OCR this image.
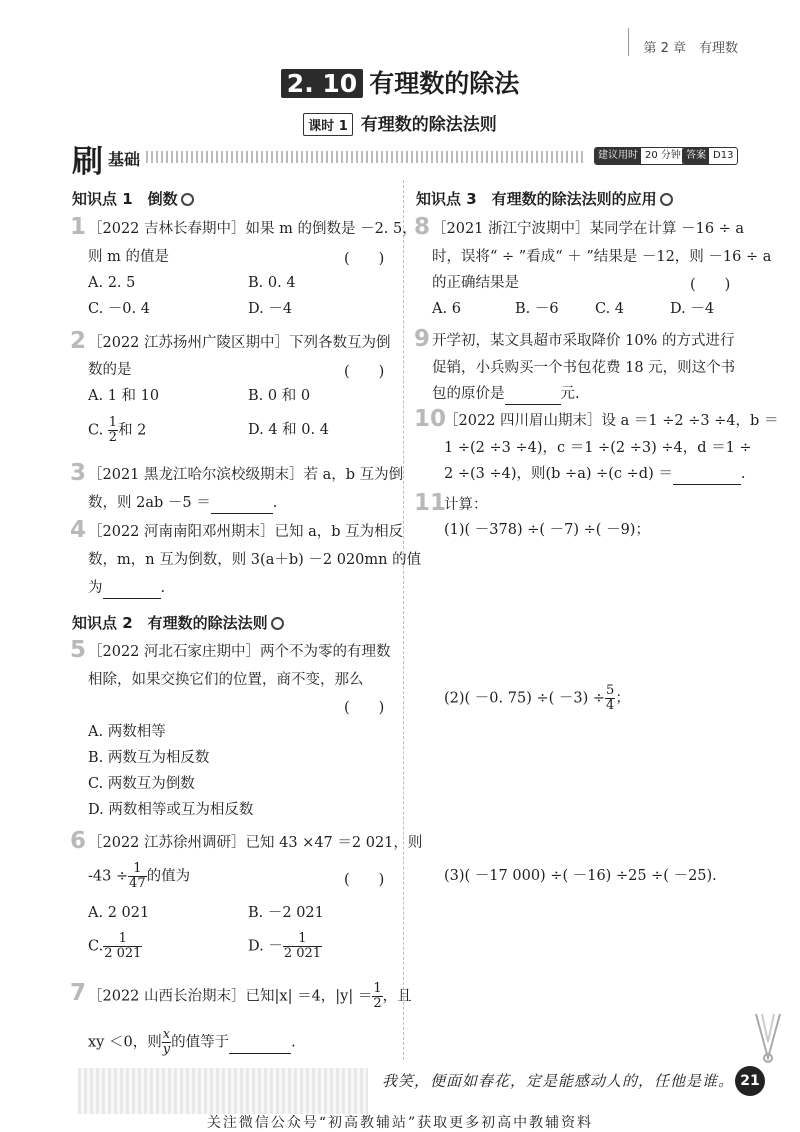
第 2 章　有理数
2. 10 有理数的除法
课时 1 有理数的除法法则
刷 基础	建议用时 20 分钟 答案 D13
知识点 1　倒数
1 ［2022 吉林长春期中］如果 m 的倒数是 －2. 5，
则 m 的值是	(　　)
A. 2. 5	B. 0. 4
C. －0. 4	D. －4
2 ［2022 江苏扬州广陵区期中］下列各数互为倒
数的是	(　　)
A. 1 和 10	B. 0 和 0
C. $\frac{1}{2}$ 和 2	D. 4 和 0. 4
3 ［2021 黑龙江哈尔滨校级期末］若 a，b 互为倒
数，则 2ab －5 ＝	.
4 ［2022 河南南阳邓州期末］已知 a，b 互为相反
数，m，n 互为倒数，则 3(a＋b) －2 020mn 的值
为	.
知识点 2　有理数的除法法则
5 ［2022 河北石家庄期中］两个不为零的有理数
相除，如果交换它们的位置，商不变，那么
(　　)
A. 两数相等
B. 两数互为相反数
C. 两数互为倒数
D. 两数相等或互为相反数
6 ［2022 江苏徐州调研］已知 43 ×47 ＝2 021，则
$-43 \div \frac{1}{47}$ 的值为	(　　)
A. 2 021	B. －2 021
C. $\frac{1}{2 021}$	D. － $\frac{1}{2 021}$
7 ［2022 山西长治期末］已知|x| ＝4，$|y| = \frac{1}{2}$ ，且
xy ＜0，则 $\frac{x}{y}$ 的值等于	.
知识点 3　有理数的除法法则的应用
8 ［2021 浙江宁波期中］某同学在计算 －16 ÷ a
时，误将“ ÷ ”看成“ ＋ ”结果是 －12，则 －16 ÷ a
的正确结果是	(　　)
A. 6	B. －6	C. 4	D. －4
9 开学初，某文具超市采取降价 10% 的方式进行
促销，小兵购买一个书包花费 18 元，则这个书
包的原价是	元.
10
［2022 四川眉山期末］设 a ＝1 ÷2 ÷3 ÷4，b ＝
1 ÷(2 ÷3 ÷4)，c ＝1 ÷(2 ÷3) ÷4，d ＝1 ÷
2 ÷(3 ÷4)，则(b ÷a) ÷(c ÷d) ＝	.
11
计算：
(1)( －378) ÷( －7) ÷( －9)；
(2)( －0. 75) ÷( $-3) \div \frac{5}{4}$ ；
(3)( －17 000) ÷( －16) ÷25 ÷( －25).
我笑，便面如春花，定是能感动人的，任他是谁。 21
关注微信公众号“初高教辅站”获取更多初高中教辅资料
